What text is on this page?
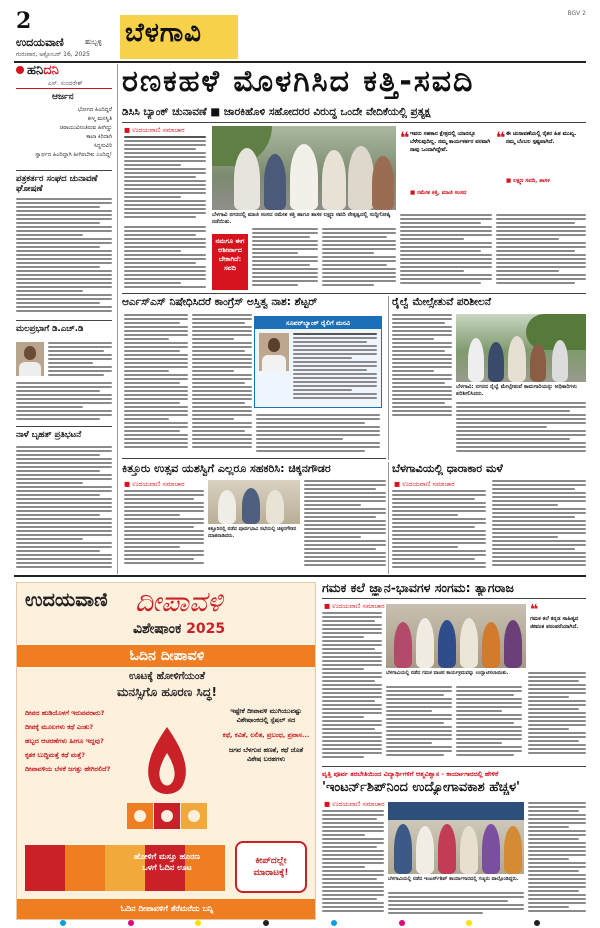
2
ಉದಯವಾಣಿ	ಹುಬ್ಬಳ್ಳಿ
ಗುರುವಾರ, ಅಕ್ಟೋಬರ್ 16, 2025
ಬೆಳಗಾವಿ
BGV 2
ಹನಿದನಿ
ಎಸ್. ಸುಂದರೇಶ್
ಆರ್ಜನ
ಭೋಗದ ಹಿಂದಿದ್ದರೆ
ಕೀಳ್ಮ ಮನಸ್ಥಿತಿ
ಚಿರಾಯುವಿನಂತಿರುವ ಹೀಗಿದ್ದು
ಕಾಲಾ ಕಿರಿದಾಗಿ
ಸಿದ್ಧಸುವಿರಿ
ಸ್ವಾರ್ಥದ ಹಿಂದಿದ್ದಾಗಿ ಹೀಗಿರಬೇಕು ಎಂದಿದ್ದ!
ಪತ್ರಕರ್ತರ ಸಂಘದ ಚುನಾವಣೆ ಘೋಷಣೆ
ಮಲಪ್ರಭಾಗೆ ಡಿ.ಎಚ್.ಡಿ
ನಾಳೆ ಬೃಹತ್ ಪ್ರತಿಭಟನೆ
ರಣಕಹಳೆ ಮೊಳಗಿಸಿದ ಕತ್ತಿ-ಸವದಿ
ಡಿಸಿಸಿ ಬ್ಯಾಂಕ್ ಚುನಾವಣೆ ■ ಜಾರಕಿಹೊಳಿ ಸಹೋದರರ ವಿರುದ್ಧ ಒಂದೇ ವೇದಿಕೆಯಲ್ಲಿ ಪ್ರತ್ಯಕ್ಷ
■ ಉದಯವಾಣಿ ಸಮಾಚಾರ
ಬೆಳಗಾವಿ ನಗರದಲ್ಲಿ ಮಾಜಿ ಸಂಸದ ರಮೇಶ ಕತ್ತಿ ಹಾಗೂ ಶಾಸಕ ಲಕ್ಷ್ಮಣ ಸವದಿ ನೇತೃತ್ವದಲ್ಲಿ ಸುದ್ದಿಗೋಷ್ಠಿ ನಡೆಯಿತು.
❝ ಇವರು ಸಹಕಾರ ಕ್ಷೇತ್ರದಲ್ಲಿ ಯಾರನ್ನೂ ಬೆಳೆಸುವುದಿಲ್ಲ. ನಮ್ಮ ಕಾರ್ಯಕರ್ತರ ಪರವಾಗಿ ನಾವು ಒಂದಾಗಿದ್ದೇವೆ.
■ ರಮೇಶ ಕತ್ತಿ, ಮಾಜಿ ಸಂಸದ
❝ ಈ ಚುನಾವಣೆಯಲ್ಲಿ ರೈತರ ಹಿತ ಮುಖ್ಯ. ನಮ್ಮ ಬೆಂಬಲ ಸ್ಪಷ್ಟವಾಗಿದೆ.
■ ಲಕ್ಷ್ಮಣ ಸವದಿ, ಶಾಸಕ
ನಮಗೂ ಈಗ ಆಶೀರ್ವಾದ ಬೇಕಾಗಿದೆ: ಸವದಿ
ಆರ್ಎಸ್ಎಸ್ ನಿಷೇಧಿಸಿದರೆ ಕಾಂಗ್ರೆಸ್ ಅಸ್ತಿತ್ವ ನಾಶ: ಶೆಟ್ಟರ್
ಸೂಪರ್‌ಬ್ಯಾಂಕ್‌ ರೈಲಿಗೆ ಮನವಿ
ರೈಲ್ವೆ ಮೇಲ್ಸೇತುವೆ ಪರಿಶೀಲನೆ
ಬೆಳಗಾವಿ: ನಗರದ ರೈಲ್ವೆ ಮೇಲ್ಸೇತುವೆ ಕಾಮಗಾರಿಯನ್ನು ಅಧಿಕಾರಿಗಳು ಪರಿಶೀಲಿಸಿದರು.
ಕಿತ್ತೂರು ಉತ್ಸವ ಯಶಸ್ವಿಗೆ ಎಲ್ಲರೂ ಸಹಕರಿಸಿ: ಚಿಕ್ಕನಗೌಡರ
■ ಉದಯವಾಣಿ ಸಮಾಚಾರ
ಕಿತ್ತೂರಿನಲ್ಲಿ ನಡೆದ ಪೂರ್ವಭಾವಿ ಸಭೆಯಲ್ಲಿ ಚಿಕ್ಕನಗೌಡರ ಮಾತನಾಡಿದರು.
ಬೆಳಗಾವಿಯಲ್ಲಿ ಧಾರಾಕಾರ ಮಳೆ
■ ಉದಯವಾಣಿ ಸಮಾಚಾರ
ಉದಯವಾಣಿ ದೀಪಾವಳಿ
ವಿಶೇಷಾಂಕ 2025
ಓದಿನ ದೀಪಾವಳಿ
ಊಟಕ್ಕೆ ಹೋಳಿಗೆಯಂತೆ
ಮನಸ್ಸಿಗೊ ಹೂರಣ ಸಿದ್ಧ!
ದೀಪದ ಹುಡಿಯೊಳಗೆ ಇರುವವರಾರು?
ದೀಪಕ್ಕೆ ಮೂಲಗಳು ಕಥೆ ಎಂತು?
ಹಬ್ಬದ ಆಚರಣೆಗಳು ಹೀಗೂ ಇದ್ದವು?
ಕೃತಕ ಬುದ್ಧಿಮತ್ತೆ ಕಥೆ ಮತ್ತೆ?
ದೀಪಾವಳಿಯ ಬೆಳಕೆ ಜಗತ್ತು ಹೇಗಿರಲಿದೆ?
ಇಷ್ಟೇಕೆ ದೀಪಾವಳಿ ಮುಗಿಯುವಷ್ಟು ವಿಶೇಷಾಂಕದಲ್ಲಿ ಸ್ಪೆಷಲ್ ಸದ
ಕಥೆ, ಕವಿತೆ, ಲಲಿತ, ಪ್ರಬಂಧ, ಪ್ರವಾಸ...
ಜಗವ ಬೆಳಗುವ ಹಣತೆ, ಕಥೆ ಜೊತೆ ವಿಶೇಷ ಬರಹಗಳು
ಹೋಳಿಗೆ ಮಸ್ತೂ ಹೂರಣ
ಒಳಗೆ ಓದಿನ ಊಟ
ಕೀಪ್‌ದಲ್ಲೇ ಮಾರಾಟಕ್ಕೆ!
ಓದಿನ ದೀಪಾವಳಿಗೆ ತೆರೆಮರೆದು ಬನ್ನಿ
ಗಮಕ ಕಲೆ ಜ್ಞಾನ-ಭಾವಗಳ ಸಂಗಮ: ತ್ಯಾಗರಾಜ
■ ಉದಯವಾಣಿ ಸಮಾಚಾರ	❝
ಗಮಕ ಕಲೆ ಕನ್ನಡ ಸಾಹಿತ್ಯದ ಜೀವಂತ ಪರಂಪರೆಯಾಗಿದೆ.
ಬೆಳಗಾವಿಯಲ್ಲಿ ನಡೆದ ಗಮಕ ವಾಚನ ಕಾರ್ಯಕ್ರಮವನ್ನು ಉದ್ಘಾಟಿಸಲಾಯಿತು.
ವೃತ್ತಿ ಪೂರ್ವ ತರಬೇತಿಯಿಂದ ವಿದ್ಯಾರ್ಥಿಗಳಿಗೆ ಆತ್ಮವಿಶ್ವಾಸ - ಕಾರ್ಯಾಗಾರದಲ್ಲಿ ಹೇಳಿಕೆ
'ಇಂಟರ್ನ್‌ಶಿಪ್‌ನಿಂದ ಉದ್ಯೋಗಾವಕಾಶ ಹೆಚ್ಚಳ'
■ ಉದಯವಾಣಿ ಸಮಾಚಾರ
ಬೆಳಗಾವಿಯಲ್ಲಿ ನಡೆದ ಇಂಟರ್ನ್‌ಶಿಪ್ ಕಾರ್ಯಾಗಾರದಲ್ಲಿ ಗಣ್ಯರು ಪಾಲ್ಗೊಂಡಿದ್ದರು.
